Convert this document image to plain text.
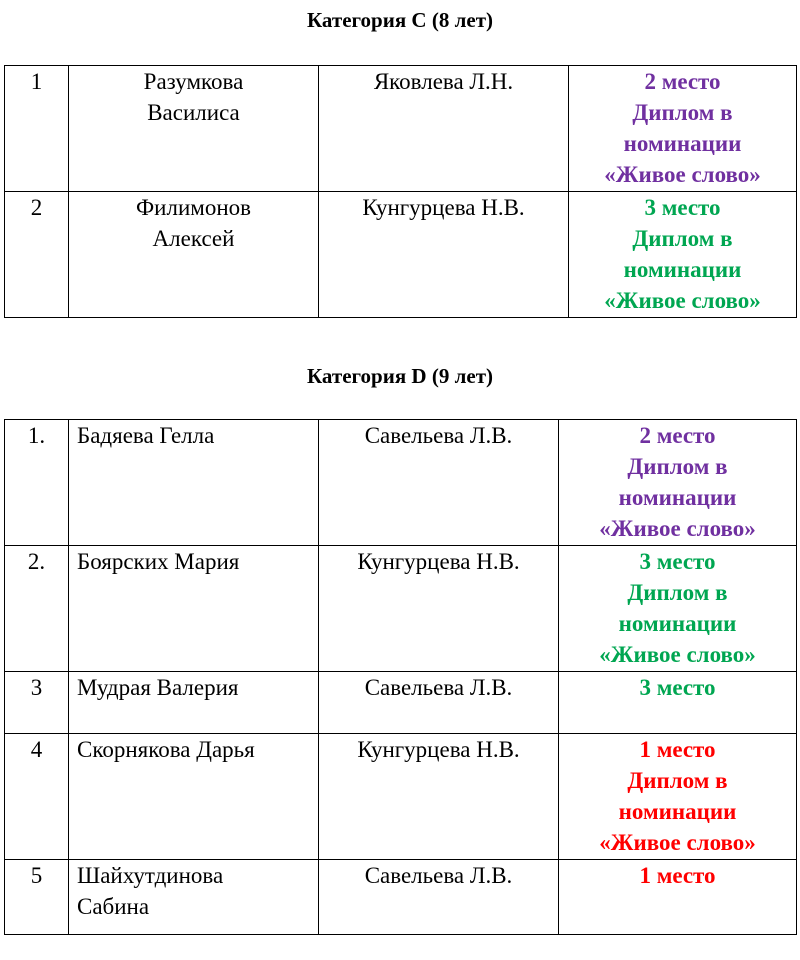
Категория С (8 лет)
1	Разумкова Василиса	Яковлева Л.Н.	2 место
Диплом в номинации
«Живое слово»

2	Филимонов Алексей	Кунгурцева Н.В.	3 место
Диплом в номинации
«Живое слово»
Категория D (9 лет)
1.	Бадяева Гелла	Савельева Л.В.	2 место
Диплом в номинации
«Живое слово»

2.	Боярских Мария	Кунгурцева Н.В.	3 место
Диплом в номинации
«Живое слово»

3	Мудрая Валерия	Савельева Л.В.	3 место

4	Скорнякова Дарья	Кунгурцева Н.В.	1 место
Диплом в номинации
«Живое слово»

5	Шайхутдинова Сабина	Савельева Л.В.	1 место
